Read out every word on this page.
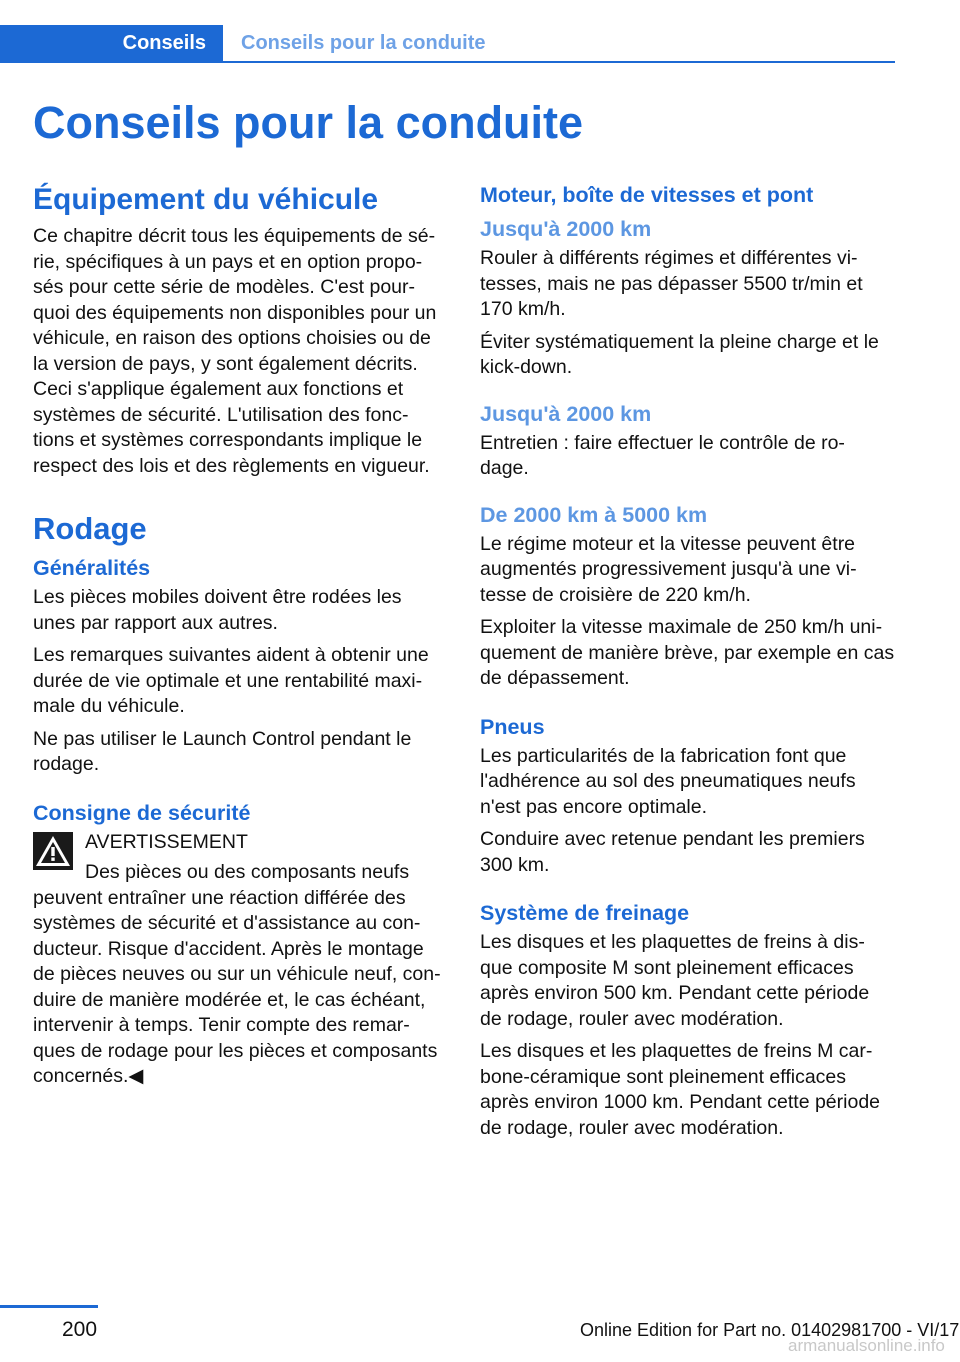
Conseils	Conseils pour la conduite
Conseils pour la conduite
Équipement du véhicule

Ce chapitre décrit tous les équipements de sé‐ rie, spécifiques à un pays et en option propo‐ sés pour cette série de modèles. C'est pour‐ quoi des équipements non disponibles pour un véhicule, en raison des options choisies ou de la version de pays, y sont également décrits. Ceci s'applique également aux fonctions et systèmes de sécurité. L'utilisation des fonc‐ tions et systèmes correspondants implique le respect des lois et des règlements en vigueur.

Rodage
Généralités

Les pièces mobiles doivent être rodées les unes par rapport aux autres.

Les remarques suivantes aident à obtenir une durée de vie optimale et une rentabilité maxi‐ male du véhicule.

Ne pas utiliser le Launch Control pendant le rodage.

Consigne de sécurité

AVERTISSEMENT

Des pièces ou des composants neufs peuvent entraîner une réaction différée des systèmes de sécurité et d'assistance au con‐ ducteur. Risque d'accident. Après le montage de pièces neuves ou sur un véhicule neuf, con‐ duire de manière modérée et, le cas échéant, intervenir à temps. Tenir compte des remar‐ ques de rodage pour les pièces et composants concernés.◀

Moteur, boîte de vitesses et pont
Jusqu'à 2000 km

Rouler à différents régimes et différentes vi‐ tesses, mais ne pas dépasser 5500 tr/min et 170 km/h.

Éviter systématiquement la pleine charge et le kick-down.

Jusqu'à 2000 km

Entretien : faire effectuer le contrôle de ro‐ dage.

De 2000 km à 5000 km

Le régime moteur et la vitesse peuvent être augmentés progressivement jusqu'à une vi‐ tesse de croisière de 220 km/h.

Exploiter la vitesse maximale de 250 km/h uni‐ quement de manière brève, par exemple en cas de dépassement.

Pneus

Les particularités de la fabrication font que l'adhérence au sol des pneumatiques neufs n'est pas encore optimale.

Conduire avec retenue pendant les premiers 300 km.

Système de freinage

Les disques et les plaquettes de freins à dis‐ que composite M sont pleinement efficaces après environ 500 km. Pendant cette période de rodage, rouler avec modération.

Les disques et les plaquettes de freins M car‐ bone-céramique sont pleinement efficaces après environ 1000 km. Pendant cette période de rodage, rouler avec modération.

200	Online Edition for Part no. 01402981700 - VI/17
armanualsonline.info
